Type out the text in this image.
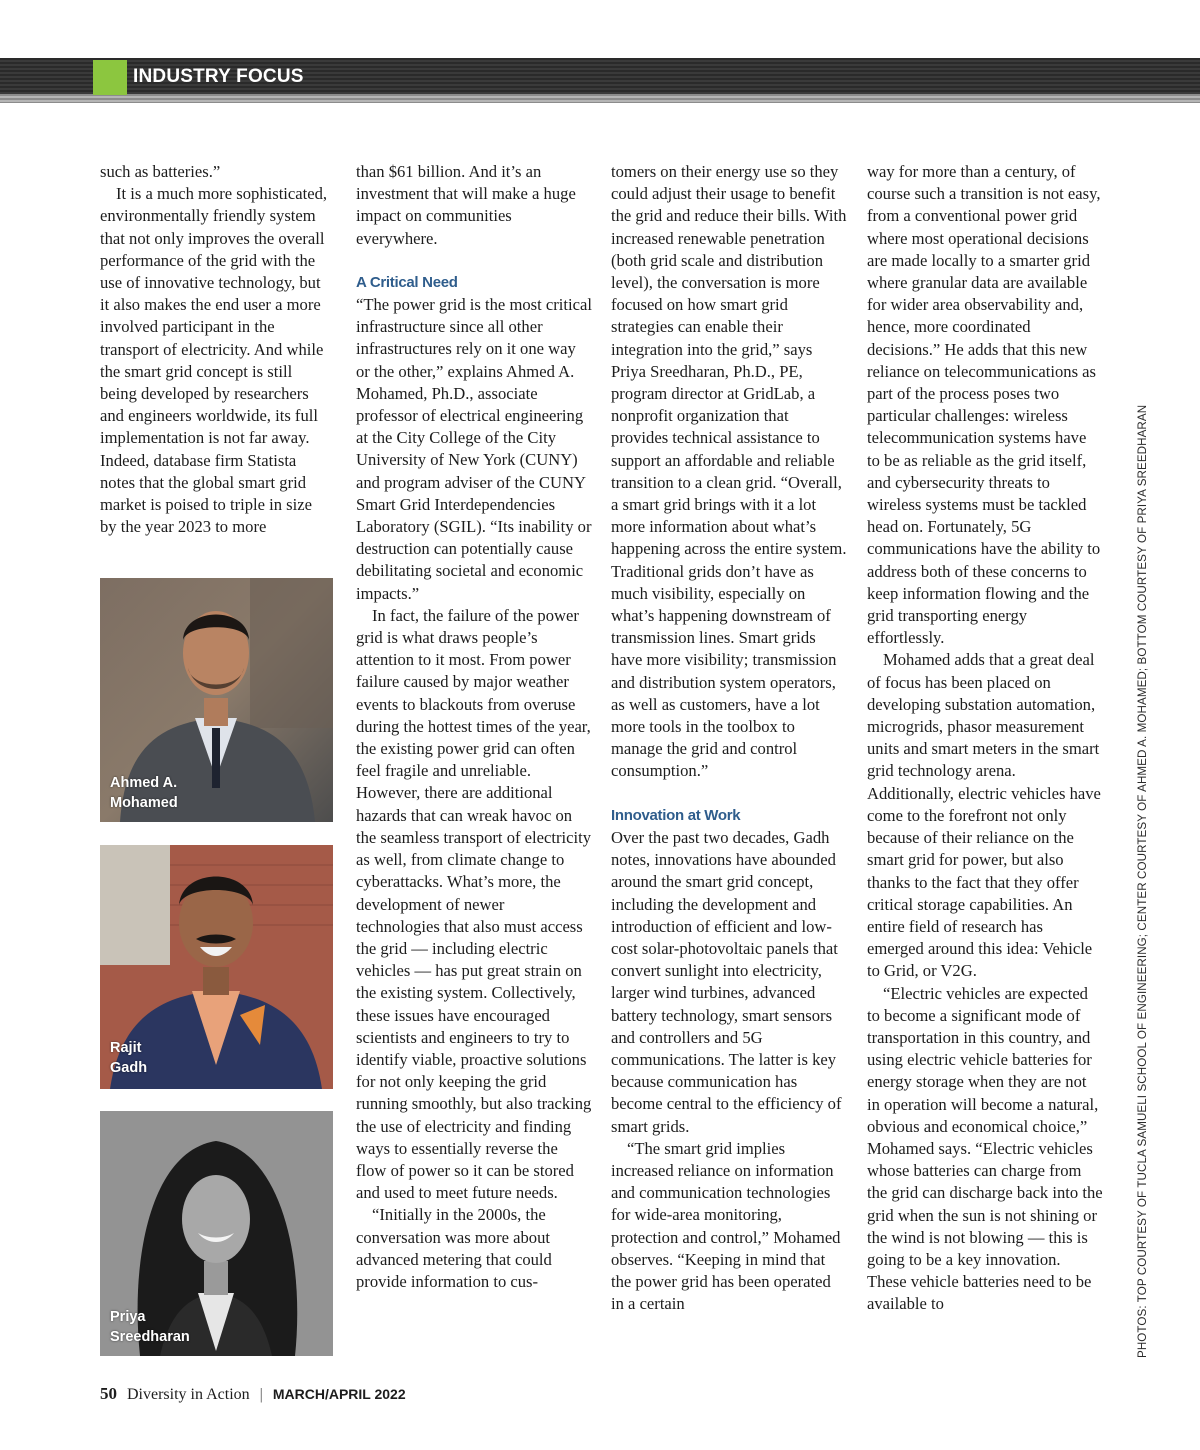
INDUSTRY FOCUS

such as batteries.”

It is a much more sophisticated, environmentally friendly system that not only improves the overall performance of the grid with the use of innovative technology, but it also makes the end user a more involved participant in the transport of electricity. And while the smart grid concept is still being developed by researchers and engineers worldwide, its full implementation is not far away. Indeed, database firm Statista notes that the global smart grid market is poised to triple in size by the year 2023 to more

than $61 billion. And it’s an investment that will make a huge impact on communities everywhere.

A Critical Need

“The power grid is the most critical infrastructure since all other infrastructures rely on it one way or the other,” explains Ahmed A. Mohamed, Ph.D., associate professor of electrical engineering at the City College of the City University of New York (CUNY) and program adviser of the CUNY Smart Grid Interdependencies Laboratory (SGIL). “Its inability or destruction can potentially cause debilitating societal and economic impacts.”

In fact, the failure of the power grid is what draws people’s attention to it most. From power failure caused by major weather events to blackouts from overuse during the hottest times of the year, the existing power grid can often feel fragile and unreliable. However, there are additional hazards that can wreak havoc on the seamless transport of electricity as well, from climate change to cyberattacks. What’s more, the development of newer technologies that also must access the grid — including electric vehicles — has put great strain on the existing system. Collectively, these issues have encouraged scientists and engineers to try to identify viable, proactive solutions for not only keeping the grid running smoothly, but also tracking the use of electricity and finding ways to essentially reverse the flow of power so it can be stored and used to meet future needs.

“Initially in the 2000s, the conversation was more about advanced metering that could provide information to cus-

tomers on their energy use so they could adjust their usage to benefit the grid and reduce their bills. With increased renewable penetration (both grid scale and distribution level), the conversation is more focused on how smart grid strategies can enable their integration into the grid,” says Priya Sreedharan, Ph.D., PE, program director at GridLab, a nonprofit organization that provides technical assistance to support an affordable and reliable transition to a clean grid. “Overall, a smart grid brings with it a lot more information about what’s happening across the entire system. Traditional grids don’t have as much visibility, especially on what’s happening downstream of transmission lines. Smart grids have more visibility; transmission and distribution system operators, as well as customers, have a lot more tools in the toolbox to manage the grid and control consumption.”

Innovation at Work

Over the past two decades, Gadh notes, innovations have abounded around the smart grid concept, including the development and introduction of efficient and low-cost solar-photovoltaic panels that convert sunlight into electricity, larger wind turbines, advanced battery technology, smart sensors and controllers and 5G communications. The latter is key because communication has become central to the efficiency of smart grids.

“The smart grid implies increased reliance on information and communication technologies for wide-area monitoring, protection and control,” Mohamed observes. “Keeping in mind that the power grid has been operated in a certain

way for more than a century, of course such a transition is not easy, from a conventional power grid where most operational decisions are made locally to a smarter grid where granular data are available for wider area observability and, hence, more coordinated decisions.” He adds that this new reliance on telecommunications as part of the process poses two particular challenges: wireless telecommunication systems have to be as reliable as the grid itself, and cybersecurity threats to wireless systems must be tackled head on. Fortunately, 5G communications have the ability to address both of these concerns to keep information flowing and the grid transporting energy effortlessly.

Mohamed adds that a great deal of focus has been placed on developing substation automation, microgrids, phasor measurement units and smart meters in the smart grid technology arena. Additionally, electric vehicles have come to the forefront not only because of their reliance on the smart grid for power, but also thanks to the fact that they offer critical storage capabilities. An entire field of research has emerged around this idea: Vehicle to Grid, or V2G.

“Electric vehicles are expected to become a significant mode of transportation in this country, and using electric vehicle batteries for energy storage when they are not in operation will become a natural, obvious and economical choice,” Mohamed says. “Electric vehicles whose batteries can charge from the grid can discharge back into the grid when the sun is not shining or the wind is not blowing — this is going to be a key innovation. These vehicle batteries need to be available to

Ahmed A.
Mohamed
Rajit
Gadh
Priya
Sreedharan	PHOTOS: TOP COURTESY OF TUCLA SAMUELI SCHOOL OF ENGINEERING; CENTER COURTESY OF AHMED A. MOHAMED; BOTTOM COURTESY OF PRIYA SREEDHARAN
50 Diversity in Action | MARCH/APRIL 2022
